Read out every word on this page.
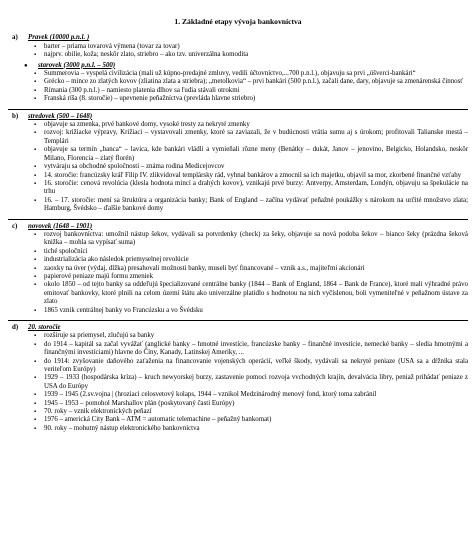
1. Základné etapy vývoja bankovníctva
a)	Pravek (10000 p.n.l. )
▪ barter – priama tovarová výmena (tovar za tovar)
▪ najprv. obilie, koža; neskôr zlato, striebro – ako tzv. univerzálna komodita
●	starovek (3000 p.n.l. – 500)
▪ Summerovia – vyspelá civilizácia (mali už kúpno-predajné zmluvy, vedili účtovníctvo,...700 p.n.l.), objavuju sa prvi „úšverci-bankári“
▪ Grécko – mince zo zlatých kovov (zliatina zlata a striebra); „metolkovia“ – prvi bankári (500 p.n.l.), začali dane, dary, objavuje sa zmenárenská činnosť
▪ Rímania (300 p.n.l.) – namiesto platenia dlhov sa ľudia stávali otrokmi
▪ Franská ríša (8. storočie) – upevnenie peňažníctva (prevláda hlavne striebro)
b)	stredovek (500 – 1648)
▪ objavuje sa zmenka, prvé bankové domy, vysoké tresty za nekryté zmenky
▪ rozvoj: križiacke výpravy, Križiaci – vystavovali zmenky, ktoré sa zaviazali, že v budúcnosti vrátia sumu aj s úrokom; profitovali Talianske mestá – Templári
▪ objavuje sa termín „banca“ – lavica, kde bankári vládli a vymieňali rôzne meny (Benátky – dukát, Janov – jenovino, Belgicko, Holandsko, neskôr Milano, Florencia – zlatý florén)
▪ vytváraju sa obchodné spoločnosti – známa rodina Medicejovcov
▪ 14. storočie: francúzsky kráľ Filip IV. zlikvidoval templársky rád, vyhnal bankárov a zmocnil sa ich majetku, objavil sa mor, zkorbené finančné vzťahy
▪ 16. storočie: cenová revolúcia (klesla hodnota mincí a drahých kovov), vznikajú prvé burzy: Antverpy, Amsterdam, Londýn, objavuju sa špekulácie na trhu
▪ 16. – 17. storočie: mení sa štruktúra a organizácia banky; Bank of England – začína vydávať peňažné poukážky s nárokom na určité množstvo zlata; Hamburg, Švédsko – ďalšie bankové domy
c)	novovek (1648 – 1901)
▪ rozvoj bankovníctva: umožnil nástup šekov, vydávali sa potvrdenky (check) za šeky, objavuje sa nová podoba šekov – bianco šeky (prázdna šeková knižka – mohla sa vypísať suma)
▪ tiché spoločníci
▪ industrializácia ako následok priemyselnej revolúcie
▪ zaoxky na úver (výdaj, dlžka) presahovali možnosti banky, museli byť financované – vznik a.s., majiteľmi akcionári
▪ papierové peniaze majú formu zmeniek
▪ okolo 1850 – od tejto banky sa oddeľujú špecializované centrálne banky (1844 – Bank of England, 1864 – Bank de France), ktoré mali výhradné právo emitovať bankovky, ktoré plnili na celom území štátu ako univerzálne platidlo s hodnotou na nich vyčíslenou, boli vymeniteľné v peňažnom ústave za zlato
▪ 1865 vznik centrálnej banky vo Francúzsku a vo Švédsku
d)	20. storočie
▪ rozširuje sa priemysel, zlučujú sa banky
▪ do 1914 – kapitál sa začal vyvážať (anglické banky – hmotné investície, francúzske banky – finančné investície, nemecké banky – sledia hmotnými a finančnými investíciami) hlavne do Číny, Kanady, Latinskej Ameriky, ...
▪ do 1914: zvyšovanie daňového zaťaženia na financovanie vojenských operácií, veľké škody, vydávali sa nekryté peniaze (USA sa a dŕžnika stala veriteľom Európy)
▪ 1929 – 1933 (hospodárska kríza) – kruch newyorskej burzy, zastavenie pomoci rozvoja vvchodných krajín, devalvácia libry, peniaž prihádať peniaze z USA do Európy
▪ 1939 – 1945 (2.sv.vojna | (hroziaci celosvetový kolaps, 1944 – vznikol Medzinárodný menový fond, ktorý toma zabránil
▪ 1945 – 1953 – pomohol Marshallov plán (poskytovaný časti Európy)
▪ 70. roky – vznik elektronických peňazí
▪ 1976 – americká City Bank – ATM = automatic telemachine – peňažný bankomat)
▪ 90. roky – mohutný nástup elektronického bankovníctva
